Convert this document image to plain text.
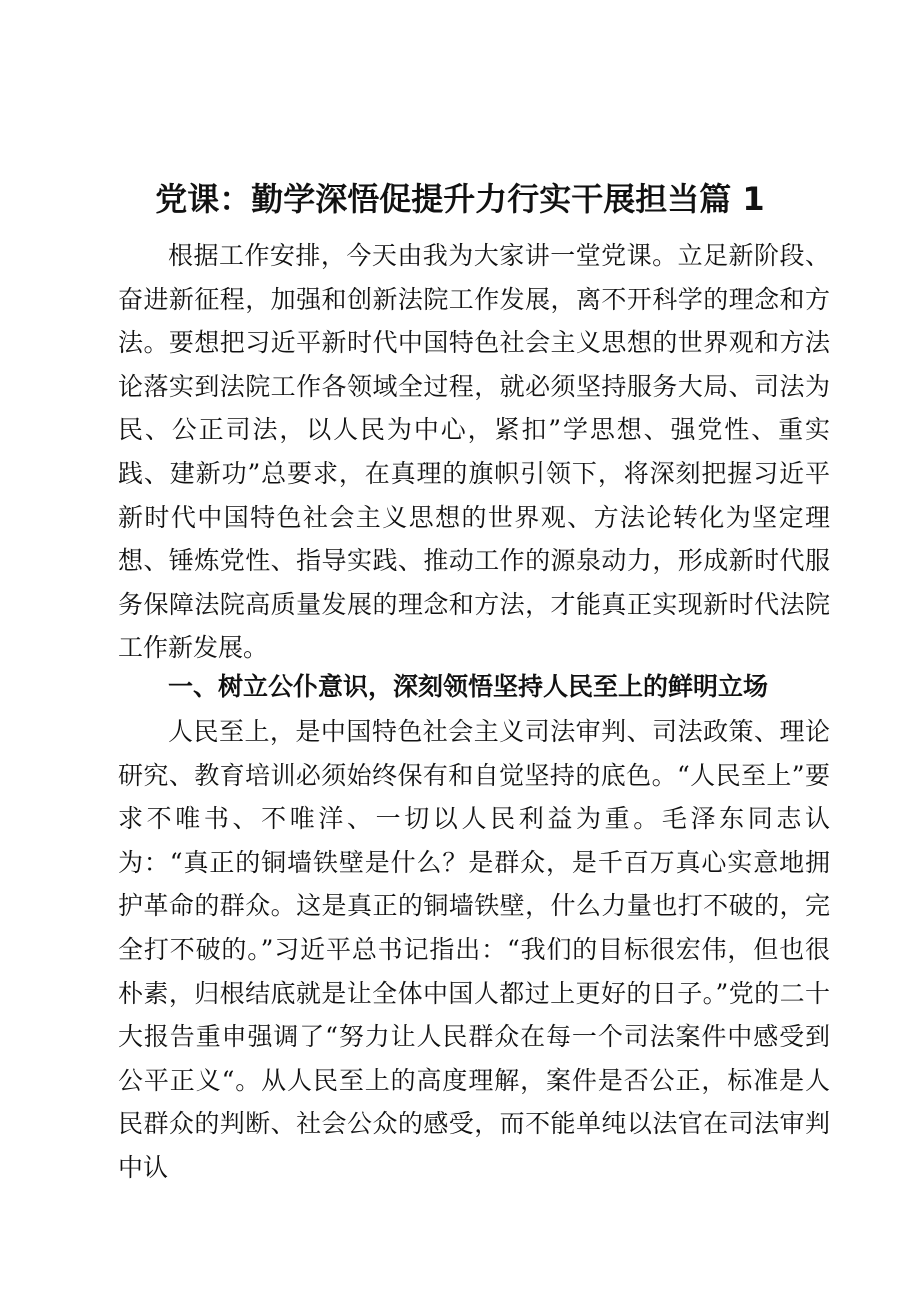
党课：勤学深悟促提升力行实干展担当篇 1

根据工作安排，今天由我为大家讲一堂党课。立足新阶段、奋进新征程，加强和创新法院工作发展，离不开科学的理念和方法。要想把习近平新时代中国特色社会主义思想的世界观和方法论落实到法院工作各领域全过程，就必须坚持服务大局、司法为民、公正司法，以人民为中心，紧扣”学思想、强党性、重实践、建新功”总要求，在真理的旗帜引领下，将深刻把握习近平新时代中国特色社会主义思想的世界观、方法论转化为坚定理想、锤炼党性、指导实践、推动工作的源泉动力，形成新时代服务保障法院高质量发展的理念和方法，才能真正实现新时代法院工作新发展。

一、树立公仆意识，深刻领悟坚持人民至上的鲜明立场

人民至上，是中国特色社会主义司法审判、司法政策、理论研究、教育培训必须始终保有和自觉坚持的底色。“人民至上”要求不唯书、不唯洋、一切以人民利益为重。毛泽东同志认为：“真正的铜墙铁壁是什么？是群众，是千百万真心实意地拥护革命的群众。这是真正的铜墙铁壁，什么力量也打不破的，完全打不破的。”习近平总书记指出：“我们的目标很宏伟，但也很朴素，归根结底就是让全体中国人都过上更好的日子。”党的二十大报告重申强调了“努力让人民群众在每一个司法案件中感受到公平正义“。从人民至上的高度理解，案件是否公正，标准是人民群众的判断、社会公众的感受，而不能单纯以法官在司法审判中认
